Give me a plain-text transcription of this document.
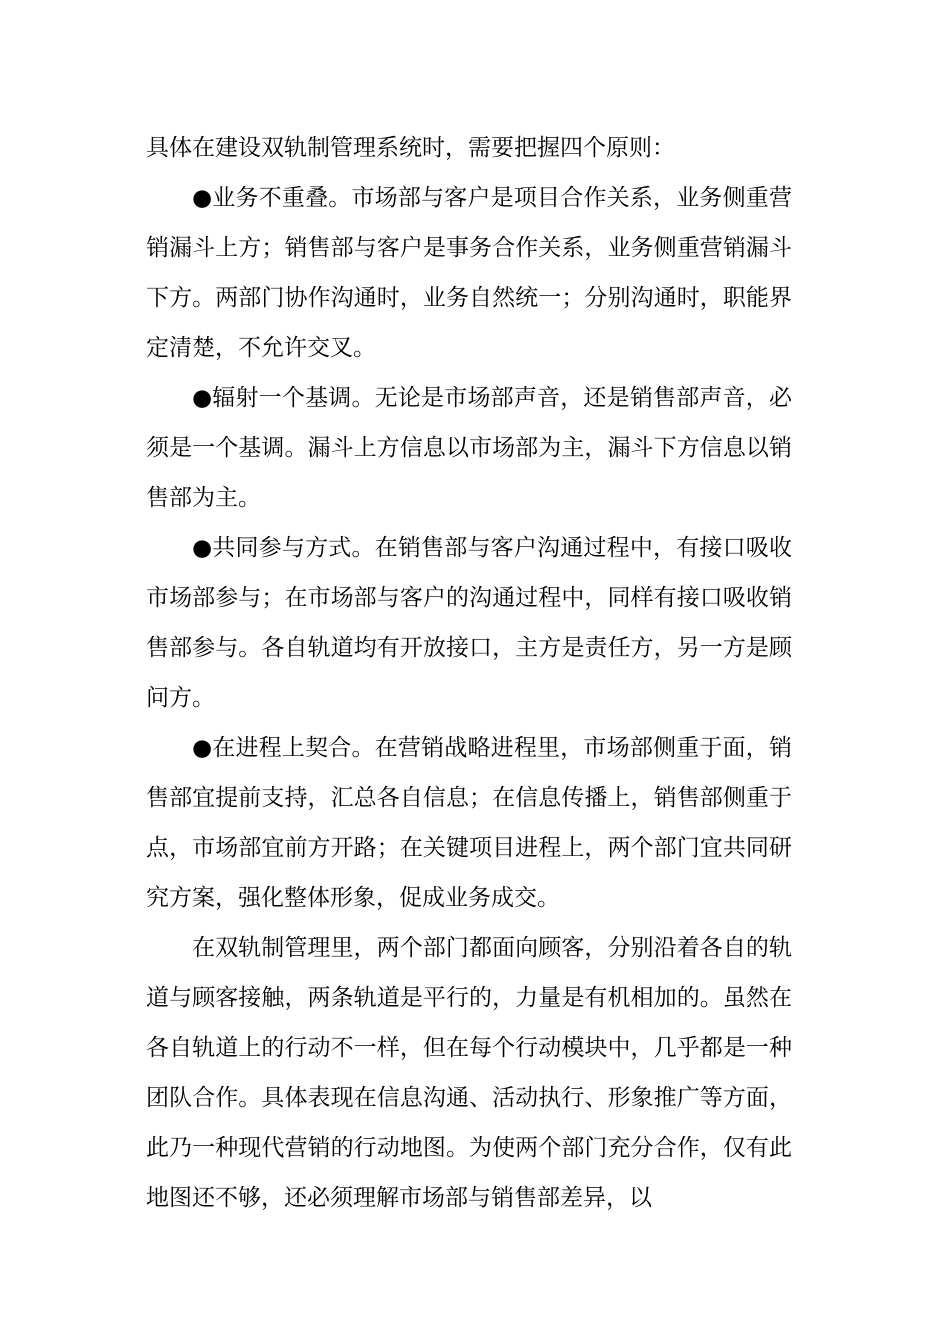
具体在建设双轨制管理系统时，需要把握四个原则：

●业务不重叠。市场部与客户是项目合作关系，业务侧重营销漏斗上方；销售部与客户是事务合作关系，业务侧重营销漏斗下方。两部门协作沟通时，业务自然统一；分别沟通时，职能界定清楚，不允许交叉。

●辐射一个基调。无论是市场部声音，还是销售部声音，必须是一个基调。漏斗上方信息以市场部为主，漏斗下方信息以销售部为主。

●共同参与方式。在销售部与客户沟通过程中，有接口吸收市场部参与；在市场部与客户的沟通过程中，同样有接口吸收销售部参与。各自轨道均有开放接口，主方是责任方，另一方是顾问方。

●在进程上契合。在营销战略进程里，市场部侧重于面，销售部宜提前支持，汇总各自信息；在信息传播上，销售部侧重于点，市场部宜前方开路；在关键项目进程上，两个部门宜共同研究方案，强化整体形象，促成业务成交。

在双轨制管理里，两个部门都面向顾客，分别沿着各自的轨道与顾客接触，两条轨道是平行的，力量是有机相加的。虽然在各自轨道上的行动不一样，但在每个行动模块中，几乎都是一种团队合作。具体表现在信息沟通、活动执行、形象推广等方面，此乃一种现代营销的行动地图。为使两个部门充分合作，仅有此地图还不够，还必须理解市场部与销售部差异，以
